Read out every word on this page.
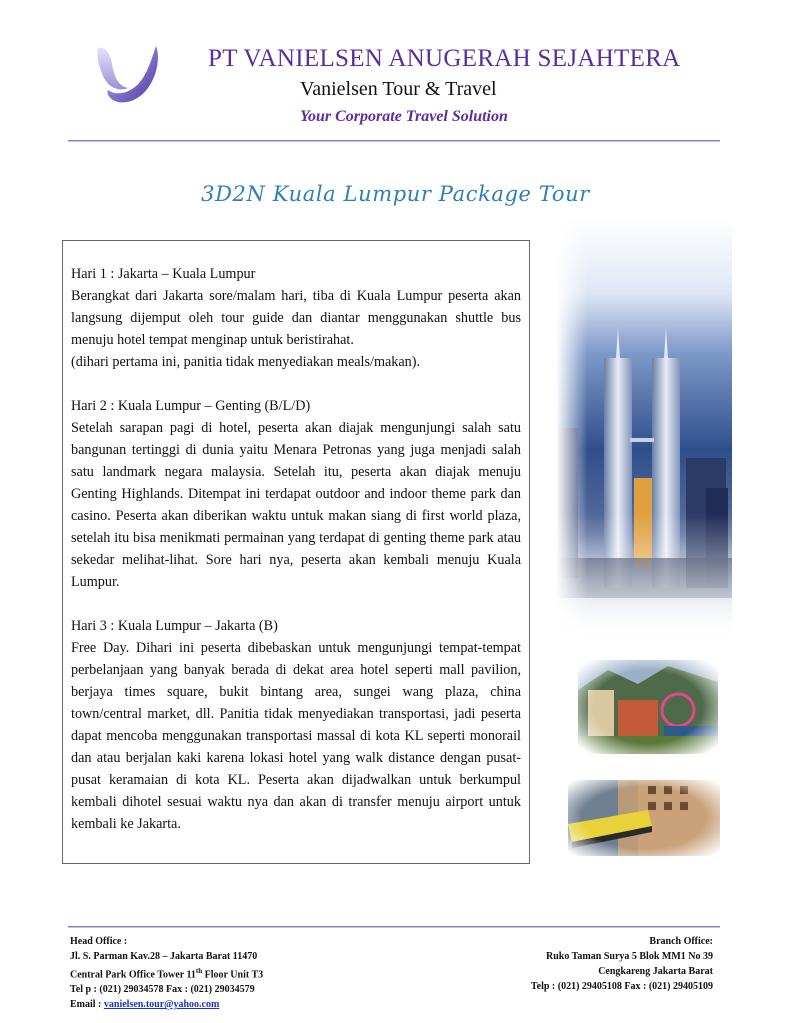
PT VANIELSEN ANUGERAH SEJAHTERA
Vanielsen Tour & Travel
Your Corporate Travel Solution
3D2N Kuala Lumpur Package Tour

Hari 1 : Jakarta – Kuala Lumpur

Berangkat dari Jakarta sore/malam hari, tiba di Kuala Lumpur peserta akan langsung dijemput oleh tour guide dan diantar menggunakan shuttle bus menuju hotel tempat menginap untuk beristirahat.

(dihari pertama ini, panitia tidak menyediakan meals/makan).

Hari 2 : Kuala Lumpur – Genting (B/L/D)

Setelah sarapan pagi di hotel, peserta akan diajak mengunjungi salah satu bangunan tertinggi di dunia yaitu Menara Petronas yang juga menjadi salah satu landmark negara malaysia. Setelah itu, peserta akan diajak menuju Genting Highlands. Ditempat ini terdapat outdoor and indoor theme park dan casino. Peserta akan diberikan waktu untuk makan siang di first world plaza, setelah itu bisa menikmati permainan yang terdapat di genting theme park atau sekedar melihat-lihat. Sore hari nya, peserta akan kembali menuju Kuala Lumpur.

Hari 3 : Kuala Lumpur – Jakarta (B)

Free Day. Dihari ini peserta dibebaskan untuk mengunjungi tempat-tempat perbelanjaan yang banyak berada di dekat area hotel seperti mall pavilion, berjaya times square, bukit bintang area, sungei wang plaza, china town/central market, dll. Panitia tidak menyediakan transportasi, jadi peserta dapat mencoba menggunakan transportasi massal di kota KL seperti monorail dan atau berjalan kaki karena lokasi hotel yang walk distance dengan pusat-pusat keramaian di kota KL. Peserta akan dijadwalkan untuk berkumpul kembali dihotel sesuai waktu nya dan akan di transfer menuju airport untuk kembali ke Jakarta.

Head Office :
Jl. S. Parman Kav.28 – Jakarta Barat 11470
Central Park Office Tower 11th Floor Unit T3
Tel p : (021) 29034578 Fax : (021) 29034579
Email : vanielsen.tour@yahoo.com
Branch Office:
Ruko Taman Surya 5 Blok MM1 No 39
Cengkareng Jakarta Barat
Telp : (021) 29405108 Fax : (021) 29405109
